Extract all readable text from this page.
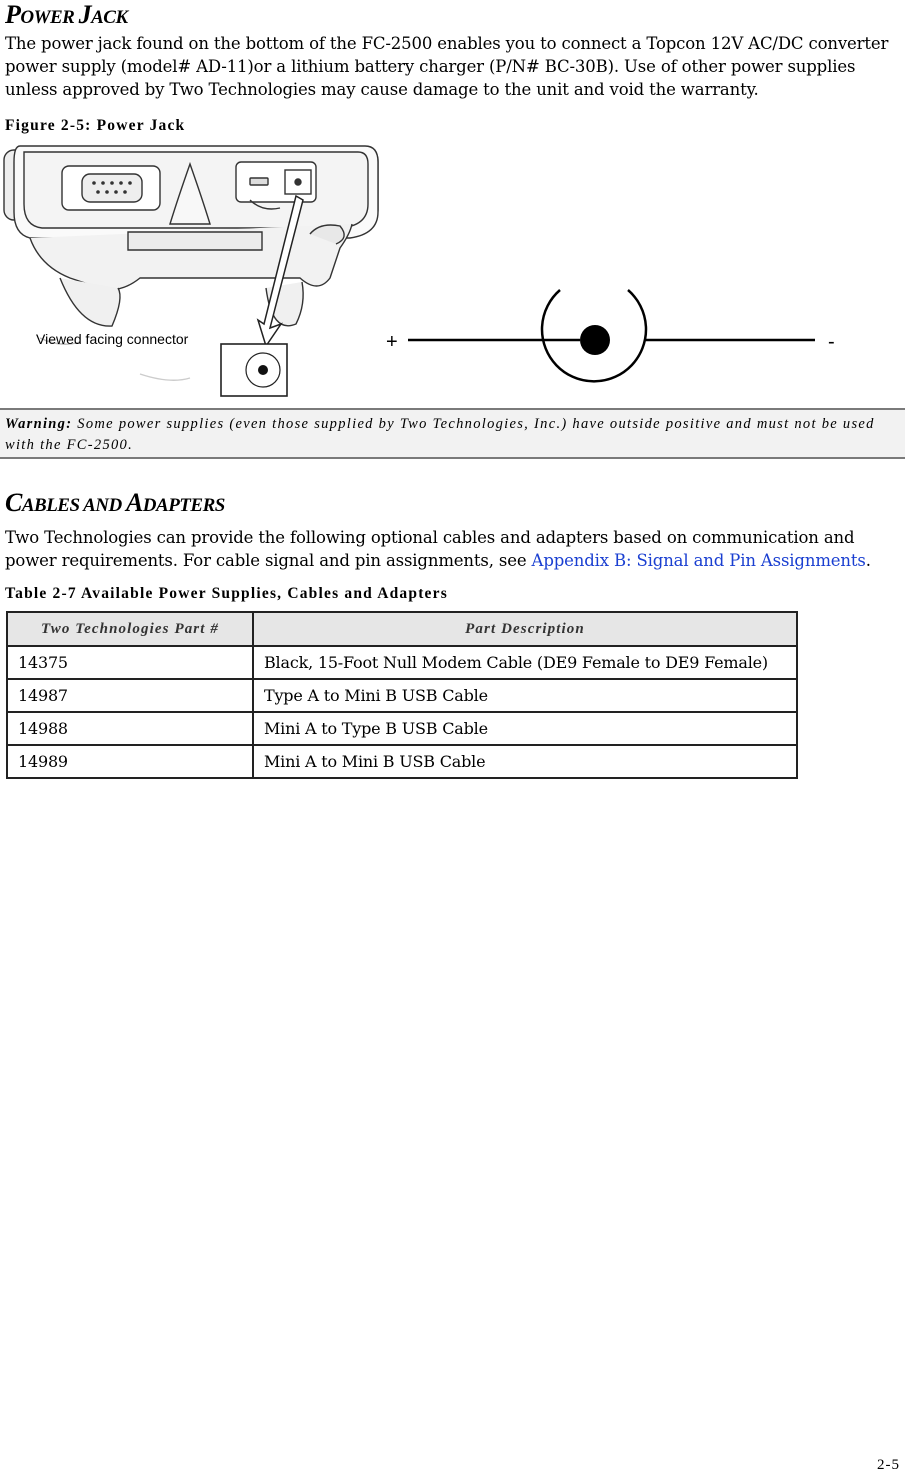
POWER JACK

The power jack found on the bottom of the FC-2500 enables you to connect a Topcon 12V AC/DC converter power supply (model# AD-11)or a lithium battery charger (P/N# BC-30B). Use of other power supplies unless approved by Two Technologies may cause damage to the unit and void the warranty.

Figure 2-5: Power Jack

Viewed facing connector	+	-

Warning: Some power supplies (even those supplied by Two Technologies, Inc.) have outside positive and must not be used with the FC-2500.

CABLES AND ADAPTERS

Two Technologies can provide the following optional cables and adapters based on communication and power requirements. For cable signal and pin assignments, see Appendix B: Signal and Pin Assignments.

Table 2-7 Available Power Supplies, Cables and Adapters

Two Technologies Part #	Part Description
14375	Black, 15-Foot Null Modem Cable (DE9 Female to DE9 Female)
14987	Type A to Mini B USB Cable
14988	Mini A to Type B USB Cable
14989	Mini A to Mini B USB Cable
2-5
